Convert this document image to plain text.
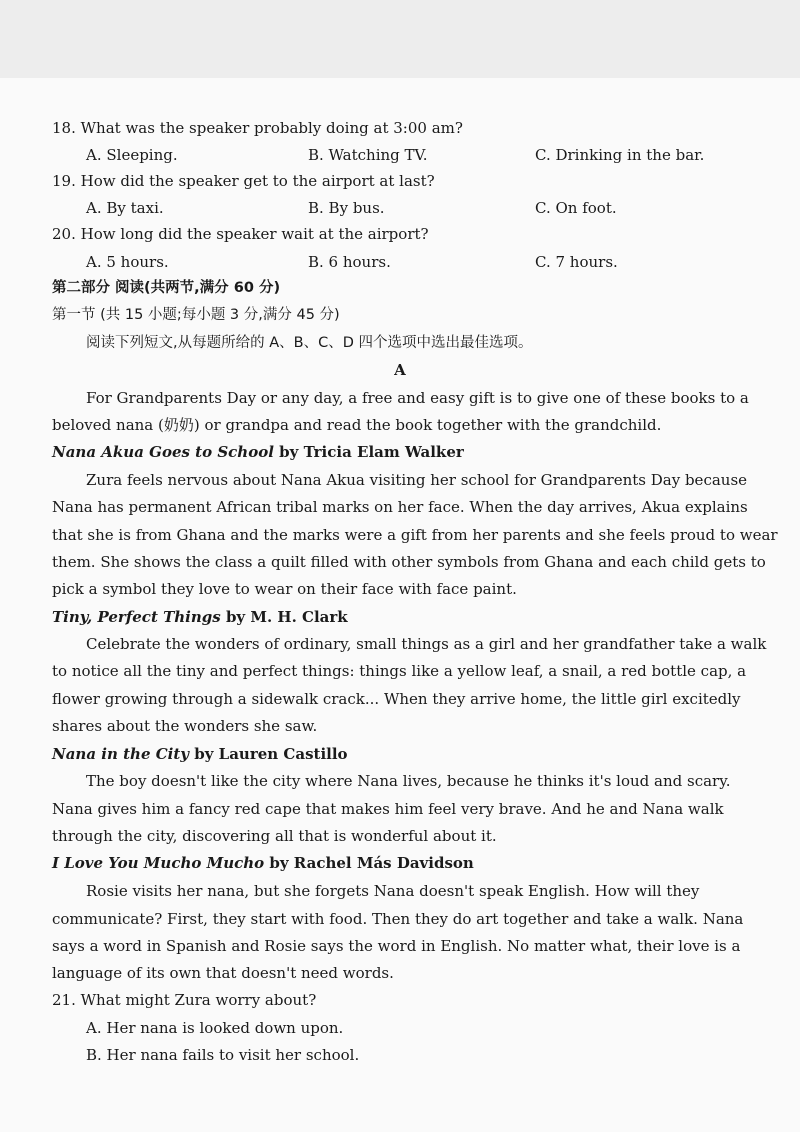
18. What was the speaker probably doing at 3:00 am?
A. Sleeping.	B. Watching TV.	C. Drinking in the bar.
19. How did the speaker get to the airport at last?
A. By taxi.	B. By bus.	C. On foot.
20. How long did the speaker wait at the airport?
A. 5 hours.	B. 6 hours.	C. 7 hours.
第二部分 阅读(共两节,满分 60 分)
第一节 (共 15 小题;每小题 3 分,满分 45 分)
阅读下列短文,从每题所给的 A、B、C、D 四个选项中选出最佳选项。
A
For Grandparents Day or any day, a free and easy gift is to give one of these books to a
beloved nana (奶奶) or grandpa and read the book together with the grandchild.
Nana Akua Goes to School by Tricia Elam Walker
Zura feels nervous about Nana Akua visiting her school for Grandparents Day because
Nana has permanent African tribal marks on her face. When the day arrives, Akua explains
that she is from Ghana and the marks were a gift from her parents and she feels proud to wear
them. She shows the class a quilt filled with other symbols from Ghana and each child gets to
pick a symbol they love to wear on their face with face paint.
Tiny, Perfect Things by M. H. Clark
Celebrate the wonders of ordinary, small things as a girl and her grandfather take a walk
to notice all the tiny and perfect things: things like a yellow leaf, a snail, a red bottle cap, a
flower growing through a sidewalk crack... When they arrive home, the little girl excitedly
shares about the wonders she saw.
Nana in the City by Lauren Castillo
The boy doesn't like the city where Nana lives, because he thinks it's loud and scary.
Nana gives him a fancy red cape that makes him feel very brave. And he and Nana walk
through the city, discovering all that is wonderful about it.
I Love You Mucho Mucho by Rachel Más Davidson
Rosie visits her nana, but she forgets Nana doesn't speak English. How will they
communicate? First, they start with food. Then they do art together and take a walk. Nana
says a word in Spanish and Rosie says the word in English. No matter what, their love is a
language of its own that doesn't need words.
21. What might Zura worry about?
A. Her nana is looked down upon.
B. Her nana fails to visit her school.
